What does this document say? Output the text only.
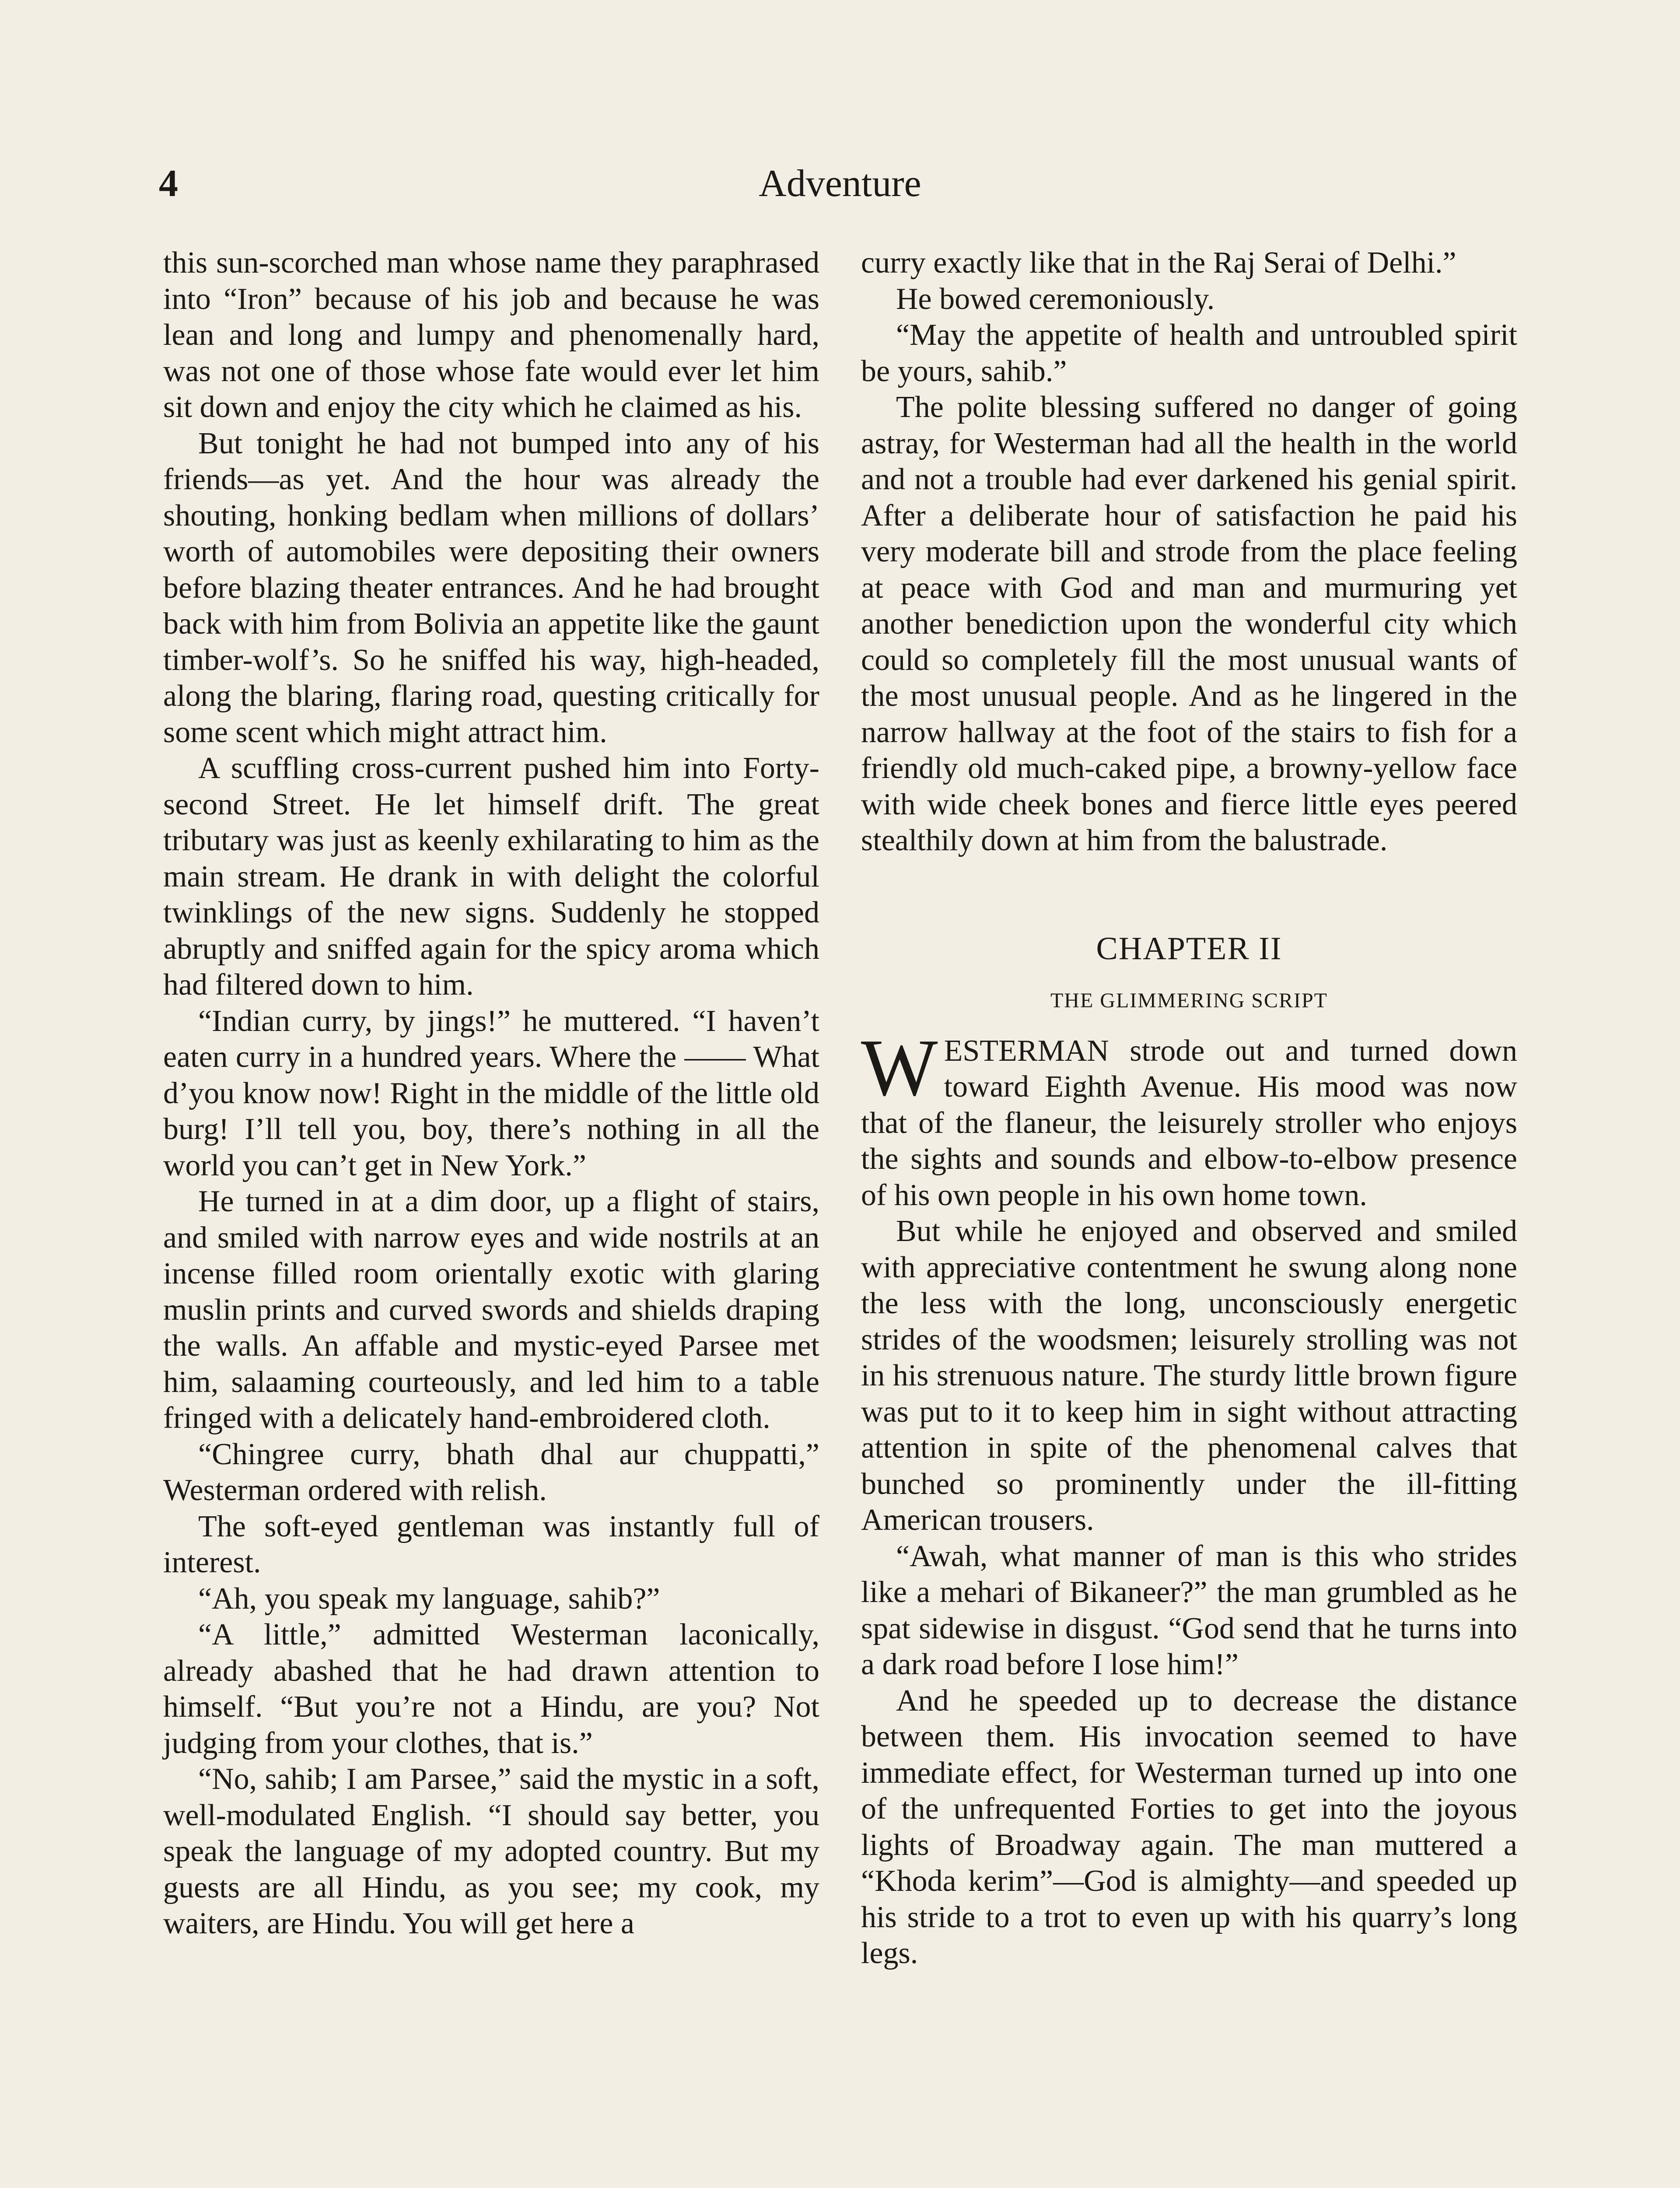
4	Adventure

this sun-scorched man whose name they paraphrased into “Iron” because of his job and because he was lean and long and lumpy and phenomenally hard, was not one of those whose fate would ever let him sit down and enjoy the city which he claimed as his.

But tonight he had not bumped into any of his friends—as yet. And the hour was already the shouting, honking bedlam when millions of dollars’ worth of automobiles were depositing their owners before blazing theater entrances. And he had brought back with him from Bolivia an appetite like the gaunt timber-wolf’s. So he sniffed his way, high-headed, along the blaring, flaring road, questing critically for some scent which might attract him.

A scuffling cross-current pushed him into Forty-second Street. He let himself drift. The great tributary was just as keenly exhilarating to him as the main stream. He drank in with delight the colorful twinklings of the new signs. Suddenly he stopped abruptly and sniffed again for the spicy aroma which had filtered down to him.

“Indian curry, by jings!” he muttered. “I haven’t eaten curry in a hundred years. Where the —— What d’you know now! Right in the middle of the little old burg! I’ll tell you, boy, there’s nothing in all the world you can’t get in New York.”

He turned in at a dim door, up a flight of stairs, and smiled with narrow eyes and wide nostrils at an incense filled room orientally exotic with glaring muslin prints and curved swords and shields draping the walls. An affable and mystic-eyed Parsee met him, salaaming courteously, and led him to a table fringed with a delicately hand-embroidered cloth.

“Chingree curry, bhath dhal aur chuppatti,” Westerman ordered with relish.

The soft-eyed gentleman was instantly full of interest.

“Ah, you speak my language, sahib?”

“A little,” admitted Westerman laconically, already abashed that he had drawn attention to himself. “But you’re not a Hindu, are you? Not judging from your clothes, that is.”

“No, sahib; I am Parsee,” said the mystic in a soft, well-modulated English. “I should say better, you speak the language of my adopted country. But my guests are all Hindu, as you see; my cook, my waiters, are Hindu. You will get here a

curry exactly like that in the Raj Serai of Delhi.”

He bowed ceremoniously.

“May the appetite of health and untroubled spirit be yours, sahib.”

The polite blessing suffered no danger of going astray, for Westerman had all the health in the world and not a trouble had ever darkened his genial spirit. After a deliberate hour of satisfaction he paid his very moderate bill and strode from the place feeling at peace with God and man and murmuring yet another benediction upon the wonderful city which could so completely fill the most unusual wants of the most unusual people. And as he lingered in the narrow hallway at the foot of the stairs to fish for a friendly old much-caked pipe, a browny-yellow face with wide cheek bones and fierce little eyes peered stealthily down at him from the balustrade.

CHAPTER II
THE GLIMMERING SCRIPT

WESTERMAN strode out and turned down toward Eighth Avenue. His mood was now that of the flaneur, the leisurely stroller who enjoys the sights and sounds and elbow-to-elbow presence of his own people in his own home town.

But while he enjoyed and observed and smiled with appreciative contentment he swung along none the less with the long, unconsciously energetic strides of the woodsmen; leisurely strolling was not in his strenuous nature. The sturdy little brown figure was put to it to keep him in sight without attracting attention in spite of the phenomenal calves that bunched so prominently under the ill-fitting American trousers.

“Awah, what manner of man is this who strides like a mehari of Bikaneer?” the man grumbled as he spat sidewise in disgust. “God send that he turns into a dark road before I lose him!”

And he speeded up to decrease the distance between them. His invocation seemed to have immediate effect, for Westerman turned up into one of the unfrequented Forties to get into the joyous lights of Broadway again. The man muttered a “Khoda kerim”—God is almighty—and speeded up his stride to a trot to even up with his quarry’s long legs.
